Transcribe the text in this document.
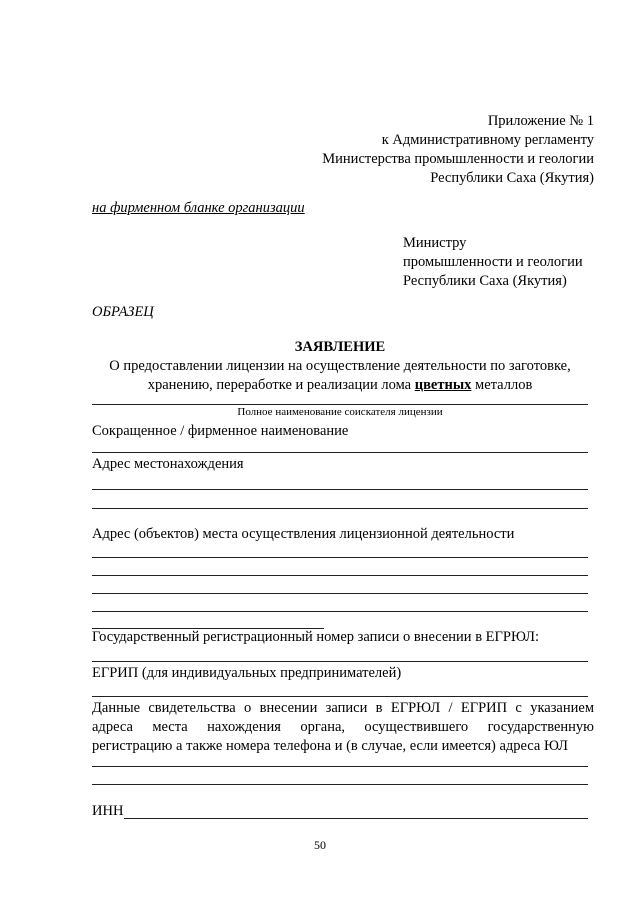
Приложение № 1
к Административному регламенту
Министерства промышленности и геологии
Республики Саха (Якутия)
на фирменном бланке организации
Министру
промышленности и геологии
Республики Саха (Якутия)
ОБРАЗЕЦ
ЗАЯВЛЕНИЕ
О предоставлении лицензии на осуществление деятельности по заготовке,
хранению, переработке и реализации лома цветных металлов
Полное наименование соискателя лицензии
Сокращенное / фирменное наименование
Адрес местонахождения
Адрес (объектов) места осуществления лицензионной деятельности
Государственный регистрационный номер записи о внесении в ЕГРЮЛ:
ЕГРИП (для индивидуальных предпринимателей)
Данные свидетельства о внесении записи в ЕГРЮЛ / ЕГРИП с указанием
адреса места нахождения органа, осуществившего государственную
регистрацию а также номера телефона и (в случае, если имеется) адреса ЮЛ
ИНН
50
